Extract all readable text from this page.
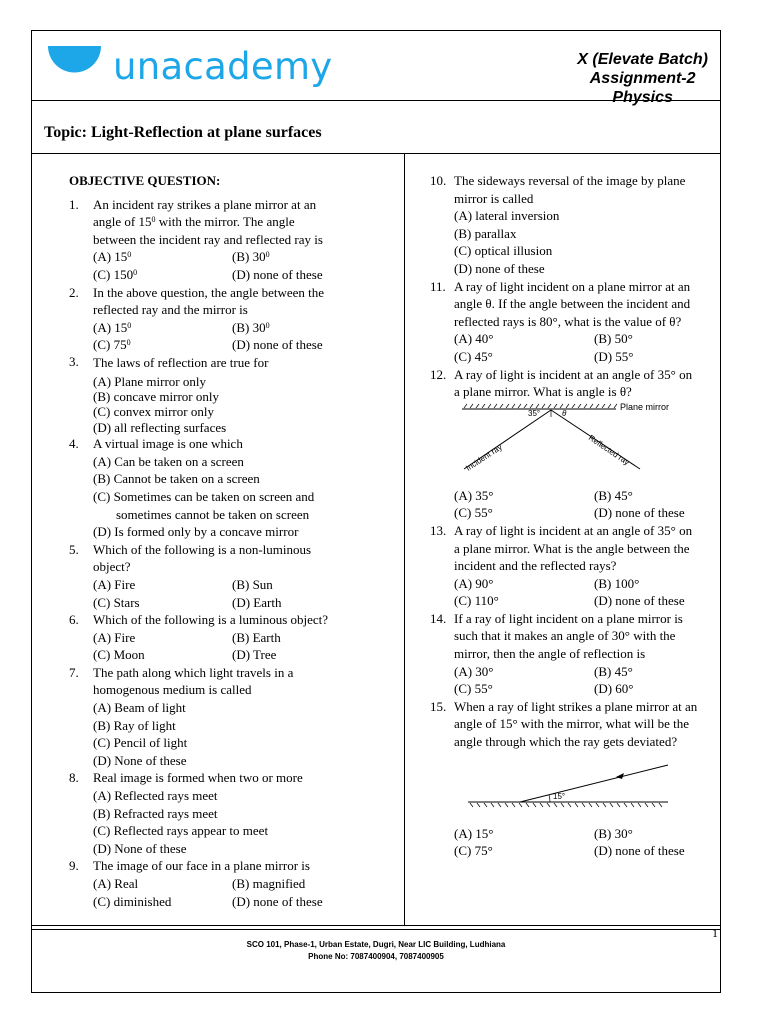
unacademy	X (Elevate Batch)
Assignment-2
Physics
Topic: Light-Reflection at plane surfaces
OBJECTIVE QUESTION:
1. An incident ray strikes a plane mirror at an
angle of $15^0$ with the mirror. The angle
between the incident ray and reflected ray is
(A) $15^0$	(B) $30^0$
(C) $150^0$	(D) none of these
2. In the above question, the angle between the
reflected ray and the mirror is
(A) $15^0$	(B) $30^0$
(C) $75^0$	(D) none of these
3. The laws of reflection are true for
(A) Plane mirror only
(B) concave mirror only
(C) convex mirror only
(D) all reflecting surfaces
4. A virtual image is one which
(A) Can be taken on a screen
(B) Cannot be taken on a screen
(C) Sometimes can be taken on screen and
sometimes cannot be taken on screen
(D) Is formed only by a concave mirror
5. Which of the following is a non-luminous
object?
(A) Fire	(B) Sun
(C) Stars	(D) Earth
6. Which of the following is a luminous object?
(A) Fire	(B) Earth
(C) Moon	(D) Tree
7. The path along which light travels in a
homogenous medium is called
(A) Beam of light
(B) Ray of light
(C) Pencil of light
(D) None of these
8. Real image is formed when two or more
(A) Reflected rays meet
(B) Refracted rays meet
(C) Reflected rays appear to meet
(D) None of these
9. The image of our face in a plane mirror is
(A) Real	(B) magnified
(C) diminished	(D) none of these
10. The sideways reversal of the image by plane
mirror is called
(A) lateral inversion
(B) parallax
(C) optical illusion
(D) none of these
11. A ray of light incident on a plane mirror at an
angle θ. If the angle between the incident and
reflected rays is 80°, what is the value of θ?
(A) 40°	(B) 50°
(C) 45°	(D) 55°
12. A ray of light is incident at an angle of 35° on
a plane mirror. What is angle is θ?
35°	θ
Plane mirror
Incident ray	Reflected ray
(A) 35°	(B) 45°
(C) 55°	(D) none of these
13. A ray of light is incident at an angle of 35° on
a plane mirror. What is the angle between the
incident and the reflected rays?
(A) 90°	(B) 100°
(C) 110°	(D) none of these
14. If a ray of light incident on a plane mirror is
such that it makes an angle of 30° with the
mirror, then the angle of reflection is
(A) 30°	(B) 45°
(C) 55°	(D) 60°
15. When a ray of light strikes a plane mirror at an
angle of 15° with the mirror, what will be the
angle through which the ray gets deviated?
15°
(A) 15°	(B) 30°
(C) 75°	(D) none of these
1
SCO 101, Phase-1, Urban Estate, Dugri, Near LIC Building, Ludhiana
Phone No: 7087400904, 7087400905
